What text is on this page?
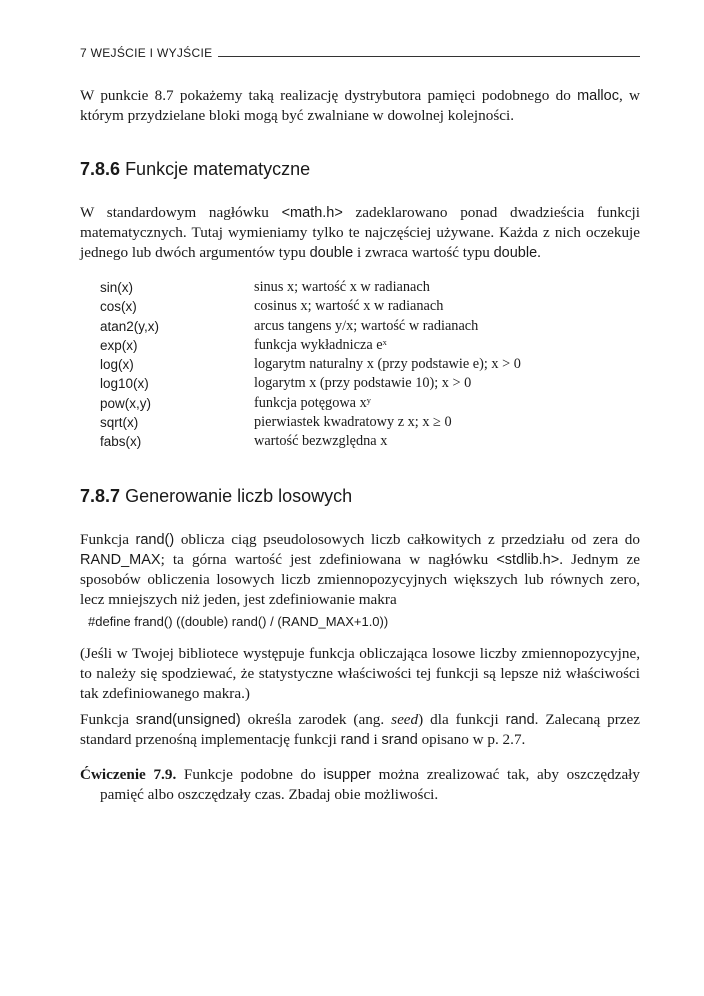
7 WEJŚCIE I WYJŚCIE

W punkcie 8.7 pokażemy taką realizację dystrybutora pamięci podobnego do malloc, w którym przydzielane bloki mogą być zwalniane w dowolnej kolejności.

7.8.6 Funkcje matematyczne

W standardowym nagłówku <math.h> zadeklarowano ponad dwadzieścia funkcji matematycznych. Tutaj wymieniamy tylko te najczęściej używane. Każda z nich oczekuje jednego lub dwóch argumentów typu double i zwraca wartość typu double.

sin(x)	sinus x; wartość x w radianach
cos(x)	cosinus x; wartość x w radianach
atan2(y,x)	arcus tangens y/x; wartość w radianach
exp(x)	funkcja wykładnicza eˣ
log(x)	logarytm naturalny x (przy podstawie e); x > 0
log10(x)	logarytm x (przy podstawie 10); x > 0
pow(x,y)	funkcja potęgowa xʸ
sqrt(x)	pierwiastek kwadratowy z x; x ≥ 0
fabs(x)	wartość bezwzględna x
7.8.7 Generowanie liczb losowych

Funkcja rand() oblicza ciąg pseudolosowych liczb całkowitych z przedziału od zera do RAND_MAX; ta górna wartość jest zdefiniowana w nagłówku <stdlib.h>. Jednym ze sposobów obliczenia losowych liczb zmiennopozycyjnych większych lub równych zero, lecz mniejszych niż jeden, jest zdefiniowanie makra

#define frand() ((double) rand() / (RAND_MAX+1.0))

(Jeśli w Twojej bibliotece występuje funkcja obliczająca losowe liczby zmiennopozycyjne, to należy się spodziewać, że statystyczne właściwości tej funkcji są lepsze niż właściwości tak zdefiniowanego makra.)

Funkcja srand(unsigned) określa zarodek (ang. seed) dla funkcji rand. Zalecaną przez standard przenośną implementację funkcji rand i srand opisano w p. 2.7.

Ćwiczenie 7.9. Funkcje podobne do isupper można zrealizować tak, aby oszczędzały pamięć albo oszczędzały czas. Zbadaj obie możliwości.
